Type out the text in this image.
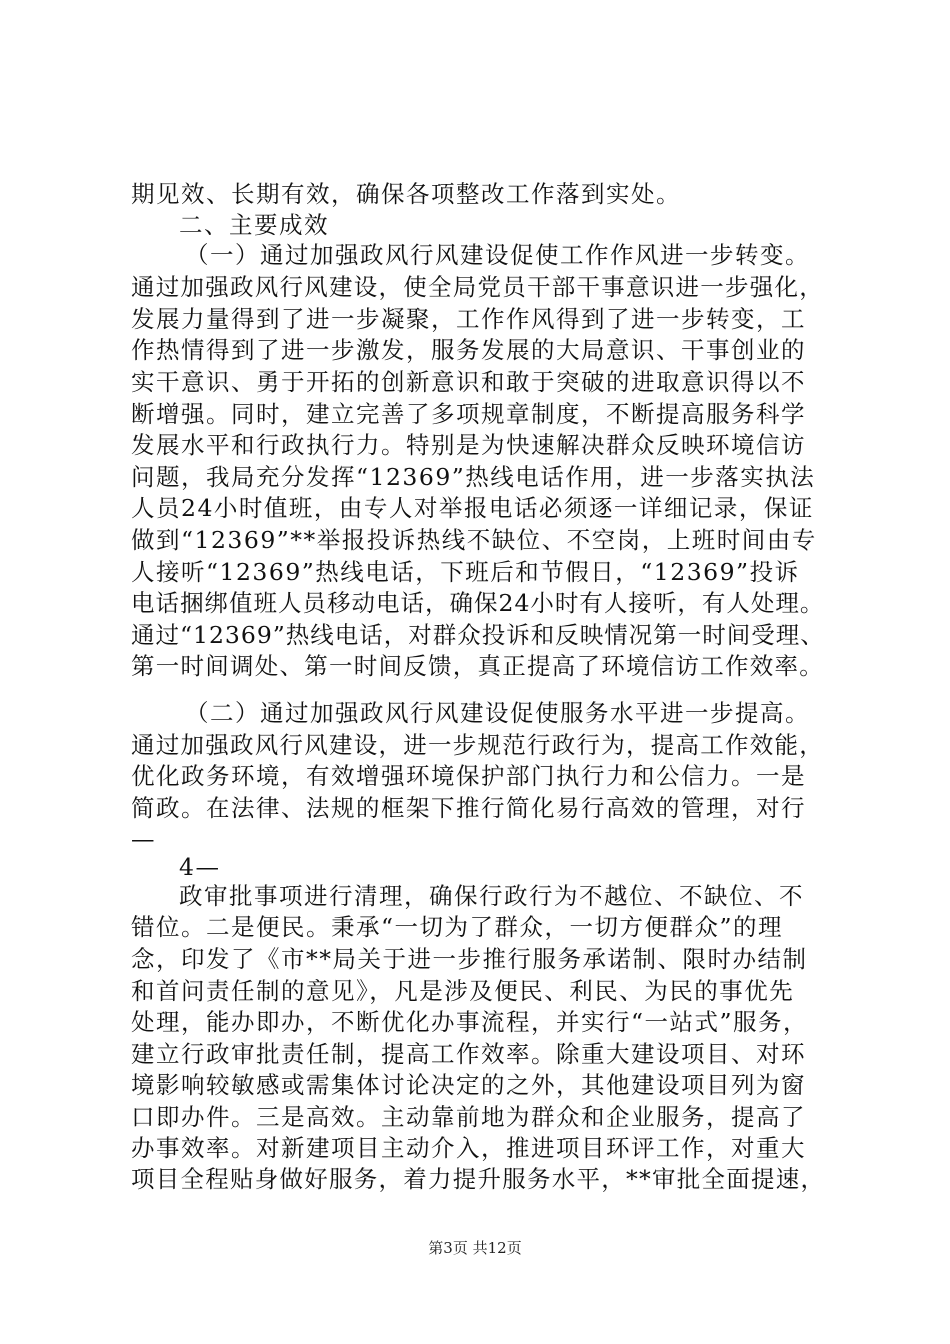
期见效、长期有效，确保各项整改工作落到实处。
二、主要成效
（一）通过加强政风行风建设促使工作作风进一步转变。
通过加强政风行风建设，使全局党员干部干事意识进一步强化，
发展力量得到了进一步凝聚，工作作风得到了进一步转变，工
作热情得到了进一步激发，服务发展的大局意识、干事创业的
实干意识、勇于开拓的创新意识和敢于突破的进取意识得以不
断增强。同时，建立完善了多项规章制度，不断提高服务科学
发展水平和行政执行力。特别是为快速解决群众反映环境信访
问题，我局充分发挥“12369”热线电话作用，进一步落实执法
人员24小时值班，由专人对举报电话必须逐一详细记录，保证
做到“12369”**举报投诉热线不缺位、不空岗，上班时间由专
人接听“12369”热线电话，下班后和节假日，“12369”投诉
电话捆绑值班人员移动电话，确保24小时有人接听，有人处理。
通过“12369”热线电话，对群众投诉和反映情况第一时间受理、
第一时间调处、第一时间反馈，真正提高了环境信访工作效率。
（二）通过加强政风行风建设促使服务水平进一步提高。
通过加强政风行风建设，进一步规范行政行为，提高工作效能，
优化政务环境，有效增强环境保护部门执行力和公信力。一是
简政。在法律、法规的框架下推行简化易行高效的管理，对行
—
4—
政审批事项进行清理，确保行政行为不越位、不缺位、不
错位。二是便民。秉承“一切为了群众，一切方便群众”的理
念，印发了《市**局关于进一步推行服务承诺制、限时办结制
和首问责任制的意见》，凡是涉及便民、利民、为民的事优先
处理，能办即办，不断优化办事流程，并实行“一站式”服务，
建立行政审批责任制，提高工作效率。除重大建设项目、对环
境影响较敏感或需集体讨论决定的之外，其他建设项目列为窗
口即办件。三是高效。主动靠前地为群众和企业服务，提高了
办事效率。对新建项目主动介入，推进项目环评工作，对重大
项目全程贴身做好服务，着力提升服务水平，**审批全面提速，
第3页 共12页
